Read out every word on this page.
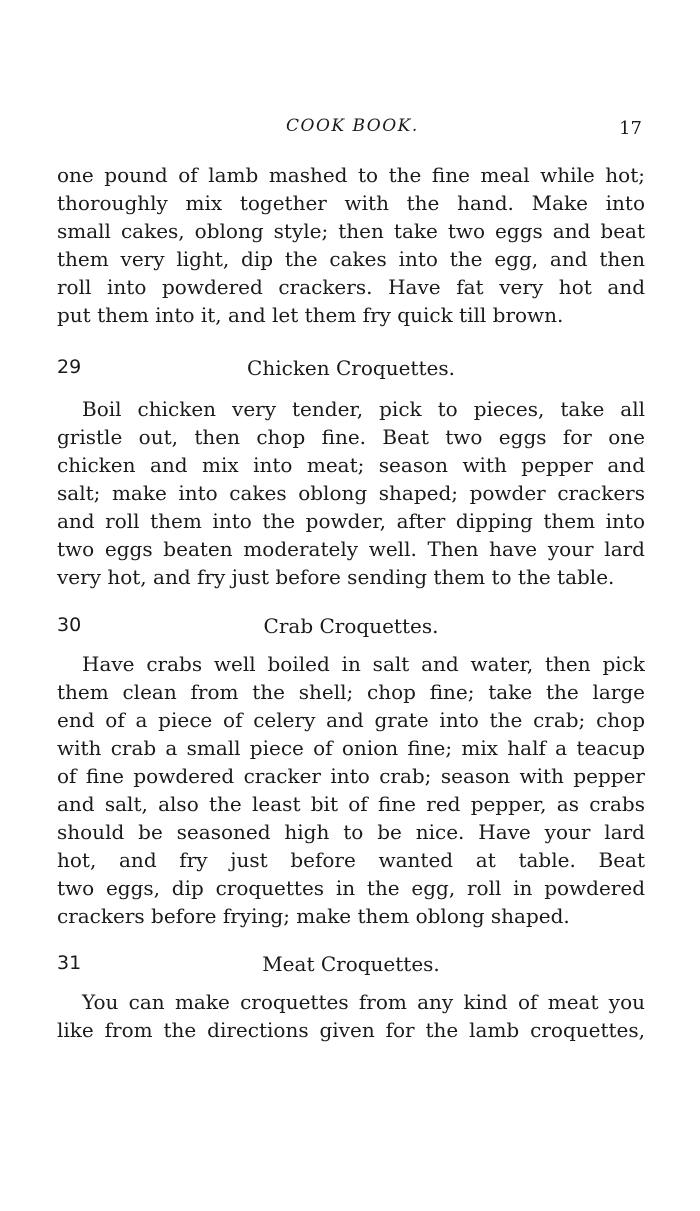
COOK BOOK.	17

one pound of lamb mashed to the fine meal while hot;
thoroughly mix together with the hand. Make into
small cakes, oblong style; then take two eggs and beat
them very light, dip the cakes into the egg, and then
roll into powdered crackers. Have fat very hot and
put them into it, and let them fry quick till brown.

29	Chicken Croquettes.

Boil chicken very tender, pick to pieces, take all
gristle out, then chop fine. Beat two eggs for one
chicken and mix into meat; season with pepper and
salt; make into cakes oblong shaped; powder crackers
and roll them into the powder, after dipping them into
two eggs beaten moderately well. Then have your lard
very hot, and fry just before sending them to the table.

30	Crab Croquettes.

Have crabs well boiled in salt and water, then pick
them clean from the shell; chop fine; take the large
end of a piece of celery and grate into the crab; chop
with crab a small piece of onion fine; mix half a teacup
of fine powdered cracker into crab; season with pepper
and salt, also the least bit of fine red pepper, as crabs
should be seasoned high to be nice. Have your lard
hot, and fry just before wanted at table. Beat
two eggs, dip croquettes in the egg, roll in powdered
crackers before frying; make them oblong shaped.

31	Meat Croquettes.

You can make croquettes from any kind of meat you
like from the directions given for the lamb croquettes,
